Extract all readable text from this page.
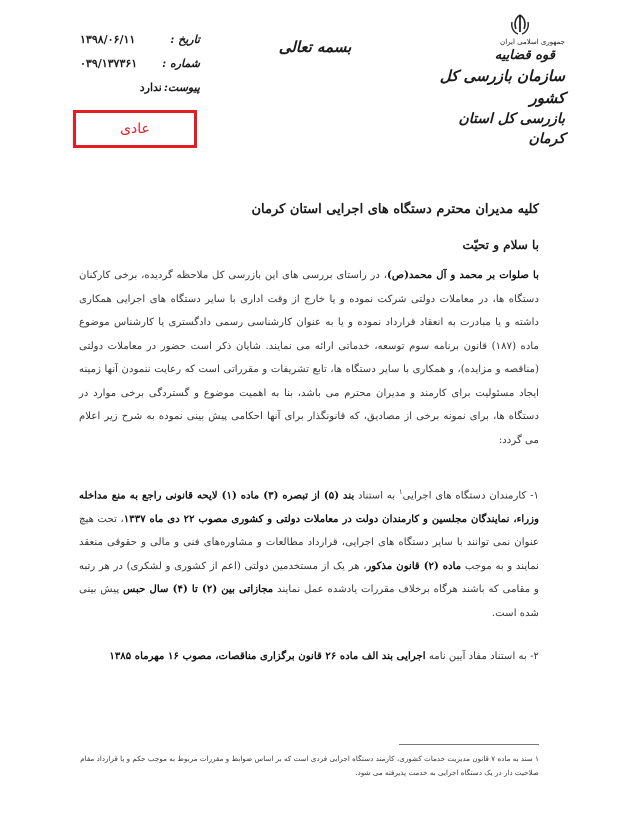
جمهوری اسلامی ایران
قوه قضاییه
سازمان بازرسی کل کشور
بازرسی کل استان کرمان
بسمه تعالی
تاریخ :
۱۳۹۸/۰۶/۱۱
شماره :
۰۳۹/۱۳۷۳۶۱
پیوست:
ندارد
عادی
کلیه مدیران محترم دستگاه های اجرایی استان کرمان
با سلام و تحیّت
با صلوات بر محمد و آل محمد(ص)، در راستای بررسی های این بازرسی کل ملاحظه گردیده، برخی کارکنان دستگاه ها، در معاملات دولتی شرکت نموده و یا خارج از وقت اداری با سایر دستگاه های اجرایی همکاری داشته و یا مبادرت به انعقاد قرارداد نموده و یا به عنوان کارشناسی رسمی دادگستری یا کارشناس موضوع ماده (۱۸۷) قانون برنامه سوم توسعه، خدماتی ارائه می نمایند. شایان ذکر است حضور در معاملات دولتی (مناقصه و مزایده)، و همکاری با سایر دستگاه ها، تابع تشریفات و مقرراتی است که رعایت ننمودن آنها زمینه ایجاد مسئولیت برای کارمند و مدیران محترم می باشد، بنا به اهمیت موضوع و گستردگی برخی موارد در دستگاه ها، برای نمونه برخی از مصادیق، که قانونگذار برای آنها احکامی پیش بینی نموده به شرح زیر اعلام می گردد:
۱- کارمندان دستگاه های اجرایی$^۱$ به استناد بند (۵) از تبصره (۳) ماده (۱) لایحه قانونی راجع به منع مداخله وزراء، نمایندگان مجلسین و کارمندان دولت در معاملات دولتی و کشوری مصوب ۲۲ دی ماه ۱۳۳۷، تحت هیچ عنوان نمی توانند با سایر دستگاه های اجرایی، قرارداد مطالعات و مشاوره‌های فنی و مالی و حقوقی منعقد نمایند و به موجب ماده (۲) قانون مذکور، هر یک از مستخدمین دولتی (اعم از کشوری و لشکری) در هر رتبه و مقامی که باشند هرگاه برخلاف مقررات یادشده عمل نمایند مجازاتی بین (۲) تا (۴) سال حبس پیش بینی شده است.
۲- به استناد مفاد آیین نامه اجرایی بند الف ماده ۲۶ قانون برگزاری مناقصات، مصوب ۱۶ مهرماه ۱۳۸۵
۱ سند به ماده ۷ قانون مدیریت خدمات کشوری، کارمند دستگاه اجرایی فردی است که بر اساس ضوابط و مقررات مربوط به موجب حکم و یا قرارداد مقام صلاحیت دار در یک دستگاه اجرایی به خدمت پذیرفته می شود.
